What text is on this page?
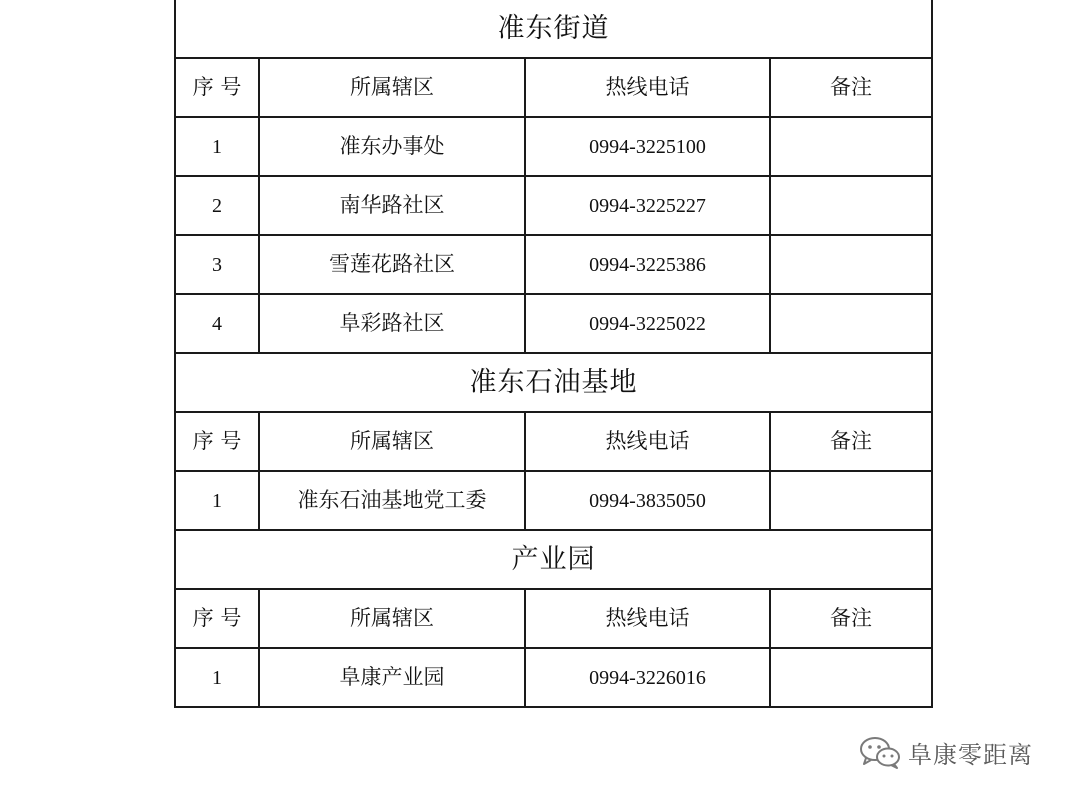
准东街道			
序 号	所属辖区	热线电话	备注
1	准东办事处	0994-3225100	
2	南华路社区	0994-3225227	
3	雪莲花路社区	0994-3225386	
4	阜彩路社区	0994-3225022	
准东石油基地			
序 号	所属辖区	热线电话	备注
1	准东石油基地党工委	0994-3835050	
产业园			
序 号	所属辖区	热线电话	备注
1	阜康产业园	0994-3226016	
阜康零距离
